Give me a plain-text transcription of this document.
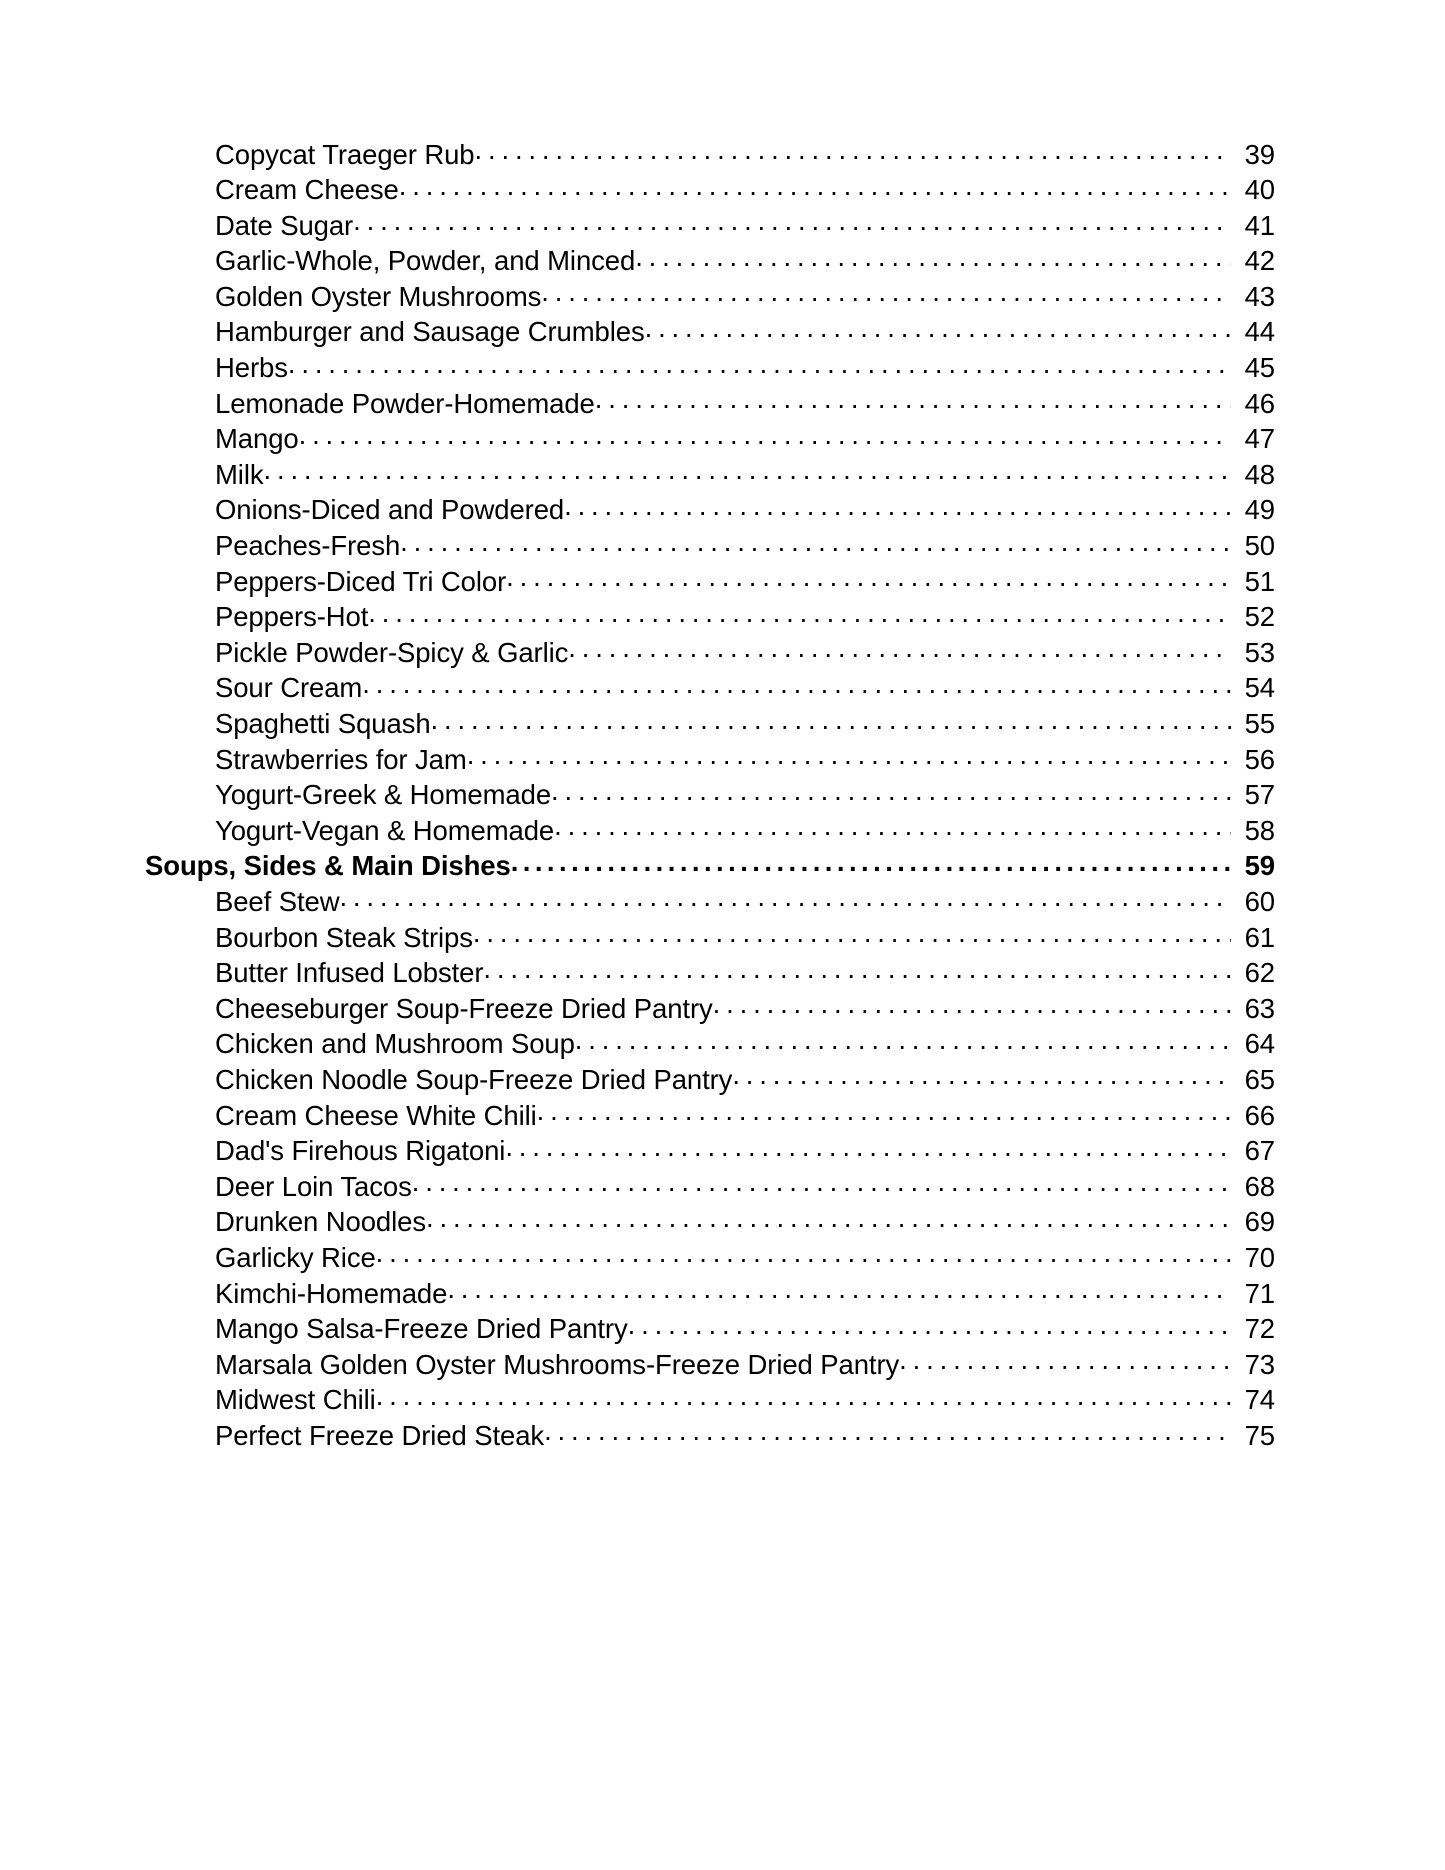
Copycat Traeger Rub . . .	39
Cream Cheese . . .	40
Date Sugar . . .	41
Garlic-Whole, Powder, and Minced . . .	42
Golden Oyster Mushrooms . . .	43
Hamburger and Sausage Crumbles . . .	44
Herbs . . .	45
Lemonade Powder-Homemade . . .	46
Mango . . .	47
Milk . . .	48
Onions-Diced and Powdered . . .	49
Peaches-Fresh . . .	50
Peppers-Diced Tri Color . . .	51
Peppers-Hot . . .	52
Pickle Powder-Spicy & Garlic . . .	53
Sour Cream . . .	54
Spaghetti Squash . . .	55
Strawberries for Jam . . .	56
Yogurt-Greek & Homemade . . .	57
Yogurt-Vegan & Homemade . . .	58
Soups, Sides & Main Dishes . . .	59
Beef Stew . . .	60
Bourbon Steak Strips . . .	61
Butter Infused Lobster . . .	62
Cheeseburger Soup-Freeze Dried Pantry . . .	63
Chicken and Mushroom Soup . . .	64
Chicken Noodle Soup-Freeze Dried Pantry . . .	65
Cream Cheese White Chili . . .	66
Dad's Firehous Rigatoni . . .	67
Deer Loin Tacos . . .	68
Drunken Noodles . . .	69
Garlicky Rice . . .	70
Kimchi-Homemade . . .	71
Mango Salsa-Freeze Dried Pantry . . .	72
Marsala Golden Oyster Mushrooms-Freeze Dried Pantry . . .	73
Midwest Chili . . .	74
Perfect Freeze Dried Steak . . .	75
